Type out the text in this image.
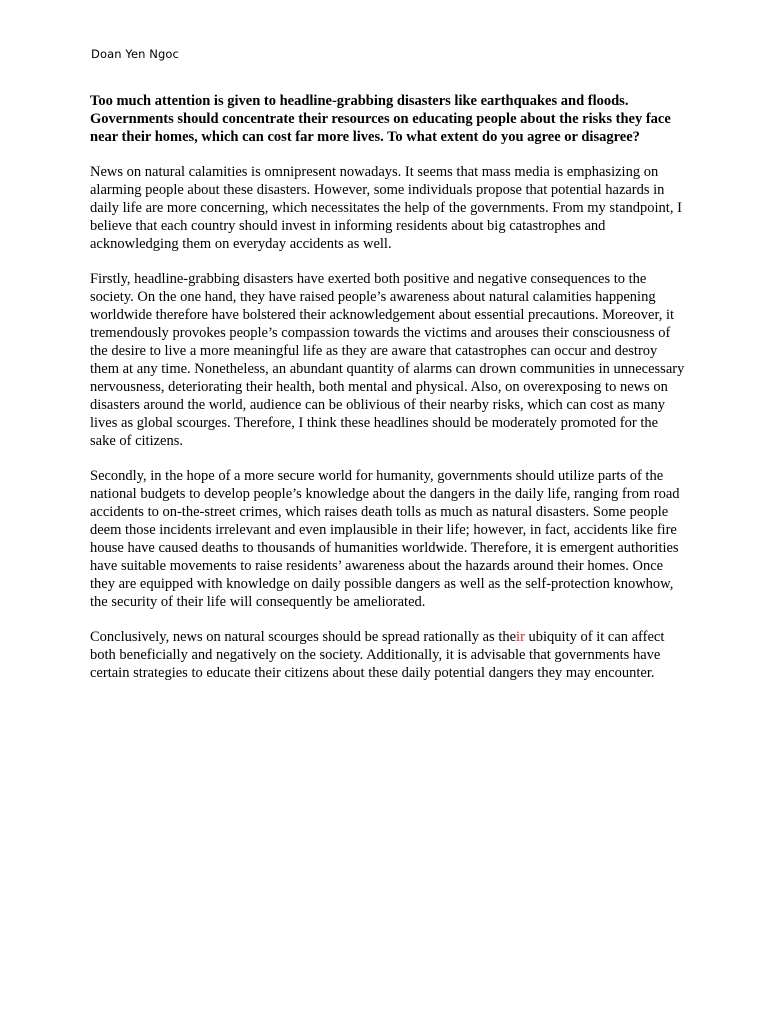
Doan Yen Ngoc

Too much attention is given to headline-grabbing disasters like earthquakes and floods. Governments should concentrate their resources on educating people about the risks they face near their homes, which can cost far more lives. To what extent do you agree or disagree?

News on natural calamities is omnipresent nowadays. It seems that mass media is emphasizing on alarming people about these disasters. However, some individuals propose that potential hazards in daily life are more concerning, which necessitates the help of the governments. From my standpoint, I believe that each country should invest in informing residents about big catastrophes and acknowledging them on everyday accidents as well.

Firstly, headline-grabbing disasters have exerted both positive and negative consequences to the society. On the one hand, they have raised people’s awareness about natural calamities happening worldwide therefore have bolstered their acknowledgement about essential precautions. Moreover, it tremendously provokes people’s compassion towards the victims and arouses their consciousness of the desire to live a more meaningful life as they are aware that catastrophes can occur and destroy them at any time. Nonetheless, an abundant quantity of alarms can drown communities in unnecessary nervousness, deteriorating their health, both mental and physical. Also, on overexposing to news on disasters around the world, audience can be oblivious of their nearby risks, which can cost as many lives as global scourges. Therefore, I think these headlines should be moderately promoted for the sake of citizens.

Secondly, in the hope of a more secure world for humanity, governments should utilize parts of the national budgets to develop people’s knowledge about the dangers in the daily life, ranging from road accidents to on-the-street crimes, which raises death tolls as much as natural disasters. Some people deem those incidents irrelevant and even implausible in their life; however, in fact, accidents like fire house have caused deaths to thousands of humanities worldwide. Therefore, it is emergent authorities have suitable movements to raise residents’ awareness about the hazards around their homes. Once they are equipped with knowledge on daily possible dangers as well as the self-protection knowhow, the security of their life will consequently be ameliorated.

Conclusively, news on natural scourges should be spread rationally as their ubiquity of it can affect both beneficially and negatively on the society. Additionally, it is advisable that governments have certain strategies to educate their citizens about these daily potential dangers they may encounter.
